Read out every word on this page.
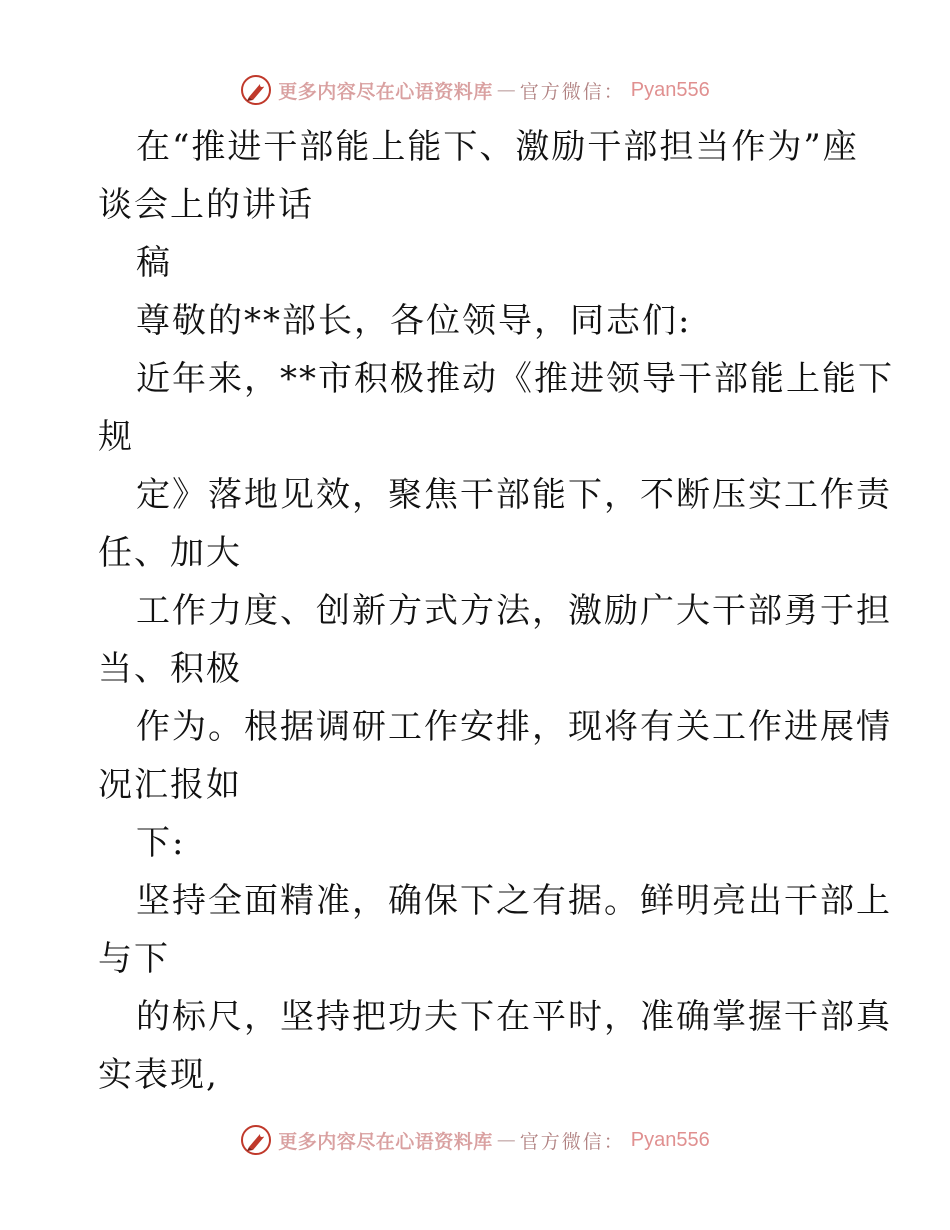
更多内容尽在心语资料库 — 官方微信： Pyan556
在“推进干部能上能下、激励干部担当作为”座
谈会上的讲话
稿
尊敬的**部长，各位领导，同志们:
近年来，**市积极推动《推进领导干部能上能下
规
定》落地见效，聚焦干部能下，不断压实工作责
任、加大
工作力度、创新方式方法，激励广大干部勇于担
当、积极
作为。根据调研工作安排，现将有关工作进展情
况汇报如
下:
坚持全面精准，确保下之有据。鲜明亮出干部上
与下
的标尺，坚持把功夫下在平时，准确掌握干部真
实表现,
更多内容尽在心语资料库 — 官方微信： Pyan556
